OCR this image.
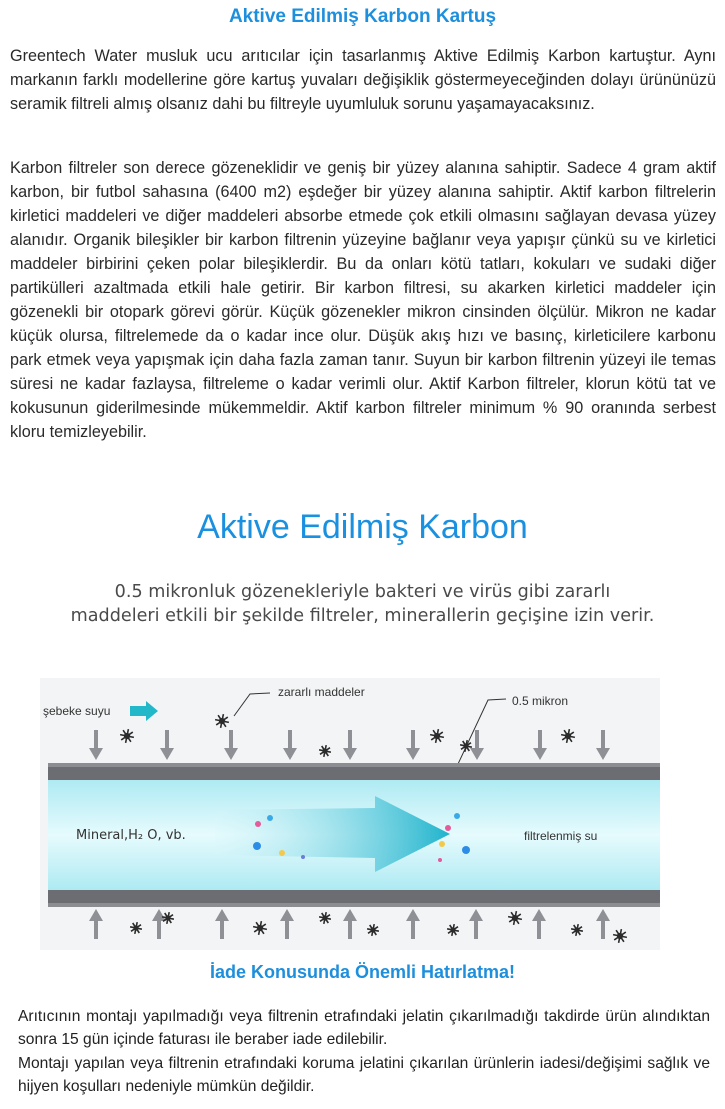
Aktive Edilmiş Karbon Kartuş

Greentech Water musluk ucu arıtıcılar için tasarlanmış Aktive Edilmiş Karbon kartuştur. Aynı markanın farklı modellerine göre kartuş yuvaları değişiklik göstermeyeceğinden dolayı ürününüzü seramik filtreli almış olsanız dahi bu filtreyle uyumluluk sorunu yaşamayacaksınız.

Karbon filtreler son derece gözeneklidir ve geniş bir yüzey alanına sahiptir. Sadece 4 gram aktif karbon, bir futbol sahasına (6400 m2) eşdeğer bir yüzey alanına sahiptir. Aktif karbon filtrelerin kirletici maddeleri ve diğer maddeleri absorbe etmede çok etkili olmasını sağlayan devasa yüzey alanıdır. Organik bileşikler bir karbon filtrenin yüzeyine bağlanır veya yapışır çünkü su ve kirletici maddeler birbirini çeken polar bileşiklerdir. Bu da onları kötü tatları, kokuları ve sudaki diğer partikülleri azaltmada etkili hale getirir. Bir karbon filtresi, su akarken kirletici maddeler için gözenekli bir otopark görevi görür. Küçük gözenekler mikron cinsinden ölçülür. Mikron ne kadar küçük olursa, filtrelemede da o kadar ince olur. Düşük akış hızı ve basınç, kirleticilere karbonu park etmek veya yapışmak için daha fazla zaman tanır. Suyun bir karbon filtrenin yüzeyi ile temas süresi ne kadar fazlaysa, filtreleme o kadar verimli olur. Aktif Karbon filtreler, klorun kötü tat ve kokusunun giderilmesinde mükemmeldir. Aktif karbon filtreler minimum % 90 oranında serbest kloru temizleyebilir.

Aktive Edilmiş Karbon
0.5 mikronluk gözenekleriyle bakteri ve virüs gibi zararlı
maddeleri etkili bir şekilde filtreler, minerallerin geçişine izin verir.
şebeke suyu
zararlı maddeler
0.5 mikron
Mineral,H₂ O, vb.	filtrelenmiş su
İade Konusunda Önemli Hatırlatma!

Arıtıcının montajı yapılmadığı veya filtrenin etrafındaki jelatin çıkarılmadığı takdirde ürün alındıktan sonra 15 gün içinde faturası ile beraber iade edilebilir.

Montajı yapılan veya filtrenin etrafındaki koruma jelatini çıkarılan ürünlerin iadesi/değişimi sağlık ve hijyen koşulları nedeniyle mümkün değildir.
